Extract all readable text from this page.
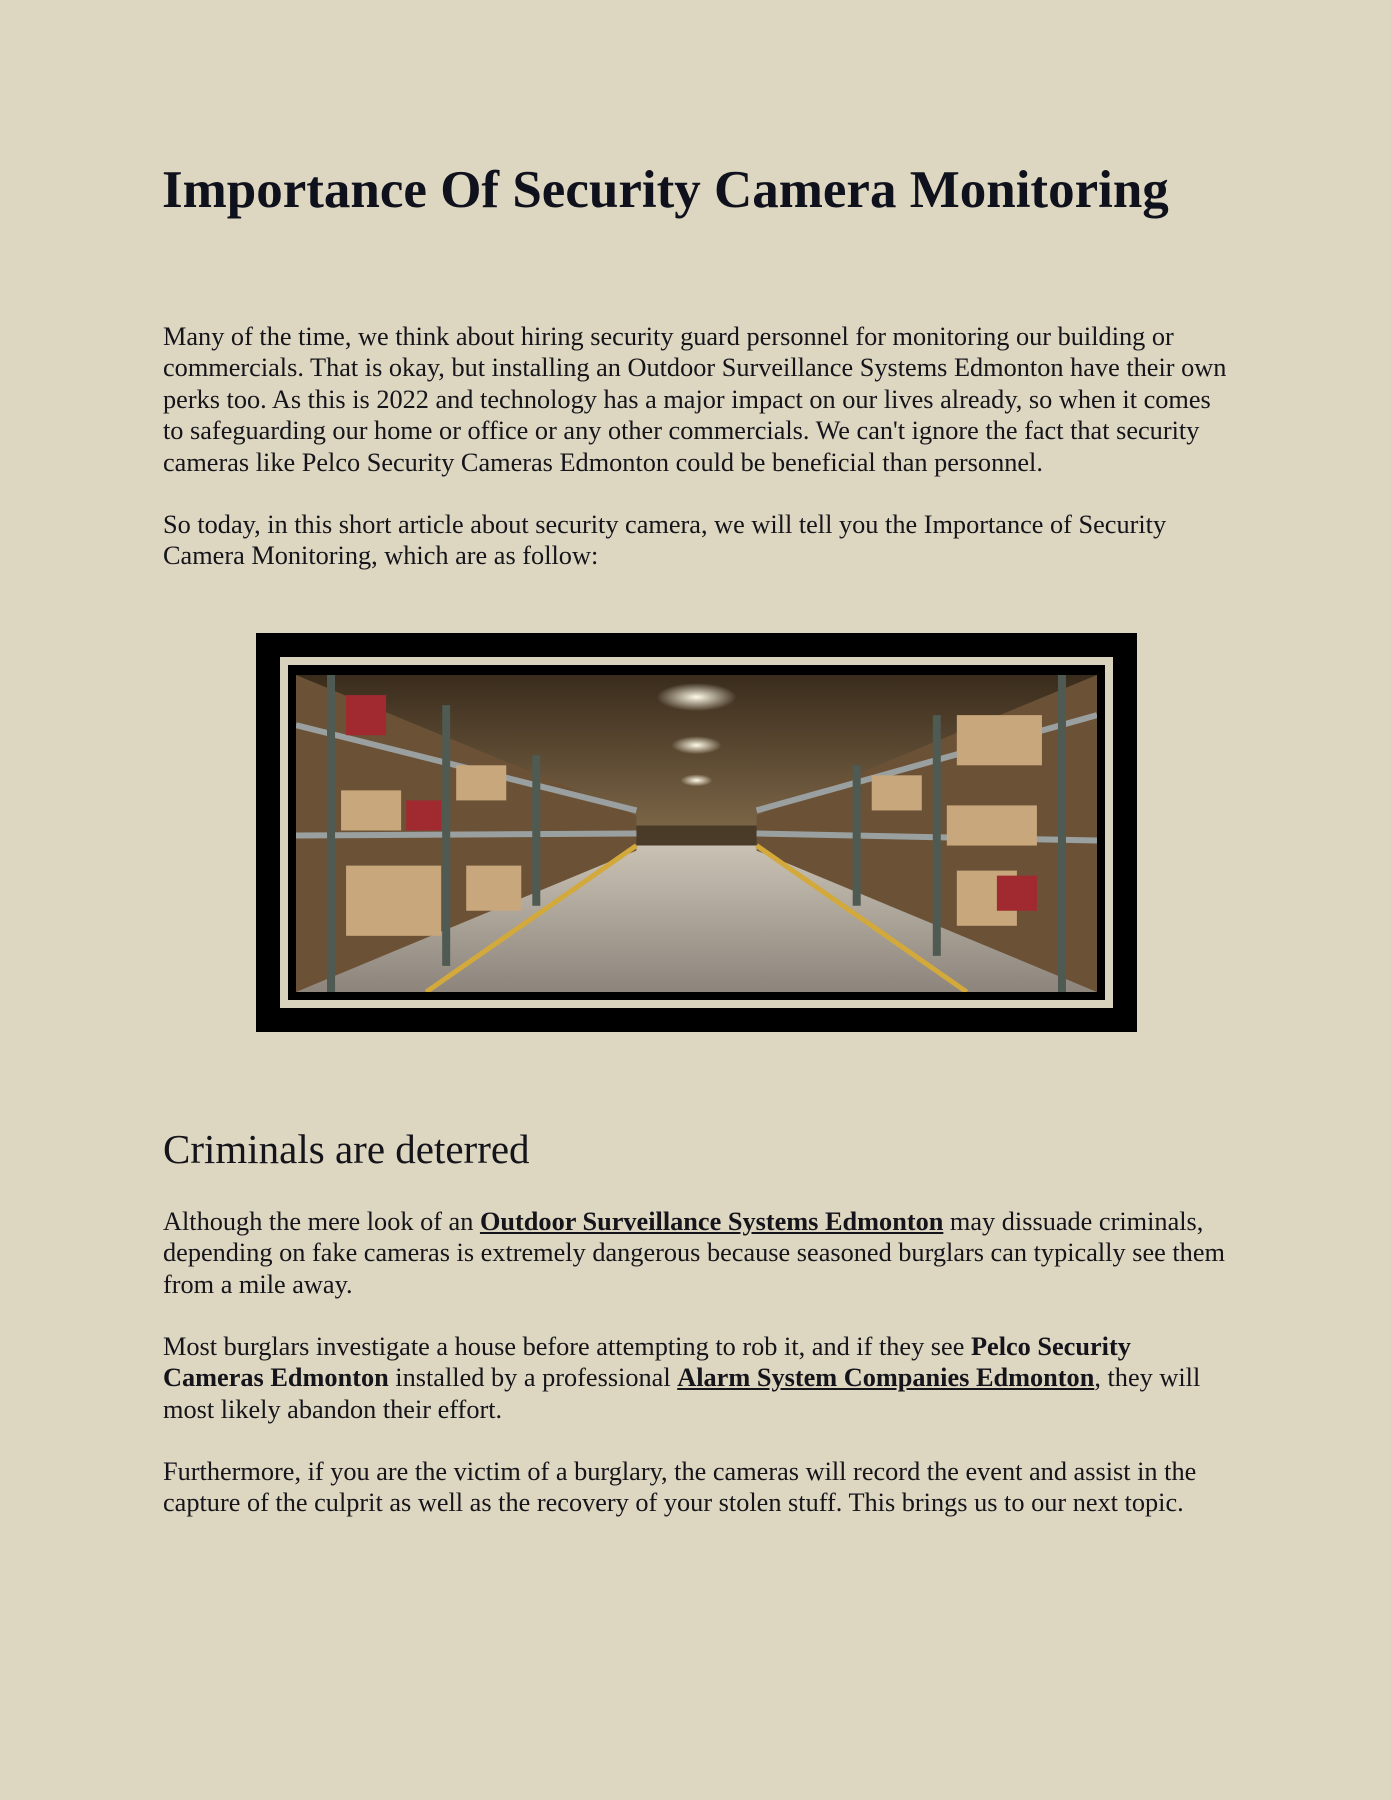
Importance Of Security Camera Monitoring

Many of the time, we think about hiring security guard personnel for monitoring our building or commercials. That is okay, but installing an Outdoor Surveillance Systems Edmonton have their own perks too. As this is 2022 and technology has a major impact on our lives already, so when it comes to safeguarding our home or office or any other commercials. We can't ignore the fact that security cameras like Pelco Security Cameras Edmonton could be beneficial than personnel.

So today, in this short article about security camera, we will tell you the Importance of Security Camera Monitoring, which are as follow:

Criminals are deterred

Although the mere look of an Outdoor Surveillance Systems Edmonton may dissuade criminals, depending on fake cameras is extremely dangerous because seasoned burglars can typically see them from a mile away.

Most burglars investigate a house before attempting to rob it, and if they see Pelco Security Cameras Edmonton installed by a professional Alarm System Companies Edmonton, they will most likely abandon their effort.

Furthermore, if you are the victim of a burglary, the cameras will record the event and assist in the capture of the culprit as well as the recovery of your stolen stuff. This brings us to our next topic.
